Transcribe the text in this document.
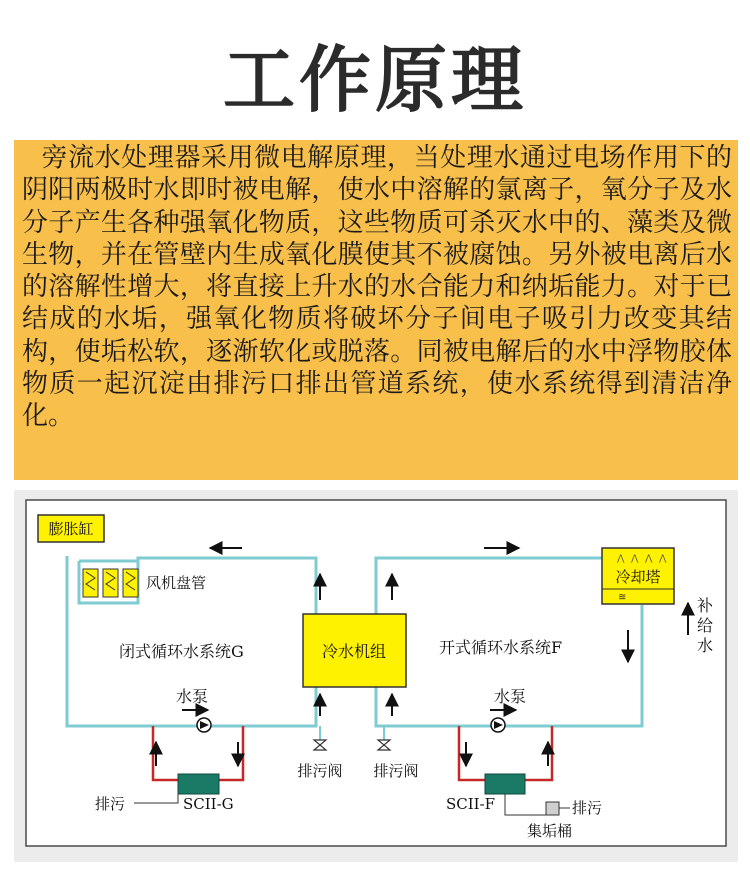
工作原理

旁流水处理器采用微电解原理，当处理水通过电场作用下的阴阳两极时水即时被电解，使水中溶解的氯离子，氧分子及水分子产生各种强氧化物质，这些物质可杀灭水中的、藻类及微生物，并在管壁内生成氧化膜使其不被腐蚀。另外被电离后水的溶解性增大，将直接上升水的水合能力和纳垢能力。对于已结成的水垢，强氧化物质将破坏分子间电子吸引力改变其结构，使垢松软，逐渐软化或脱落。同被电解后的水中浮物胶体物质一起沉淀由排污口排出管道系统，使水系统得到清洁净化。

膨胀缸
风机盘管
冷水机组
闭式循环水系统G	开式循环水系统F
⋀ ⋀ ⋀ ⋀
冷却塔
≊	补给水
水泵	水泵
排污阀 排污阀
排污	SCII-G	SCII-F	排污
集垢桶
